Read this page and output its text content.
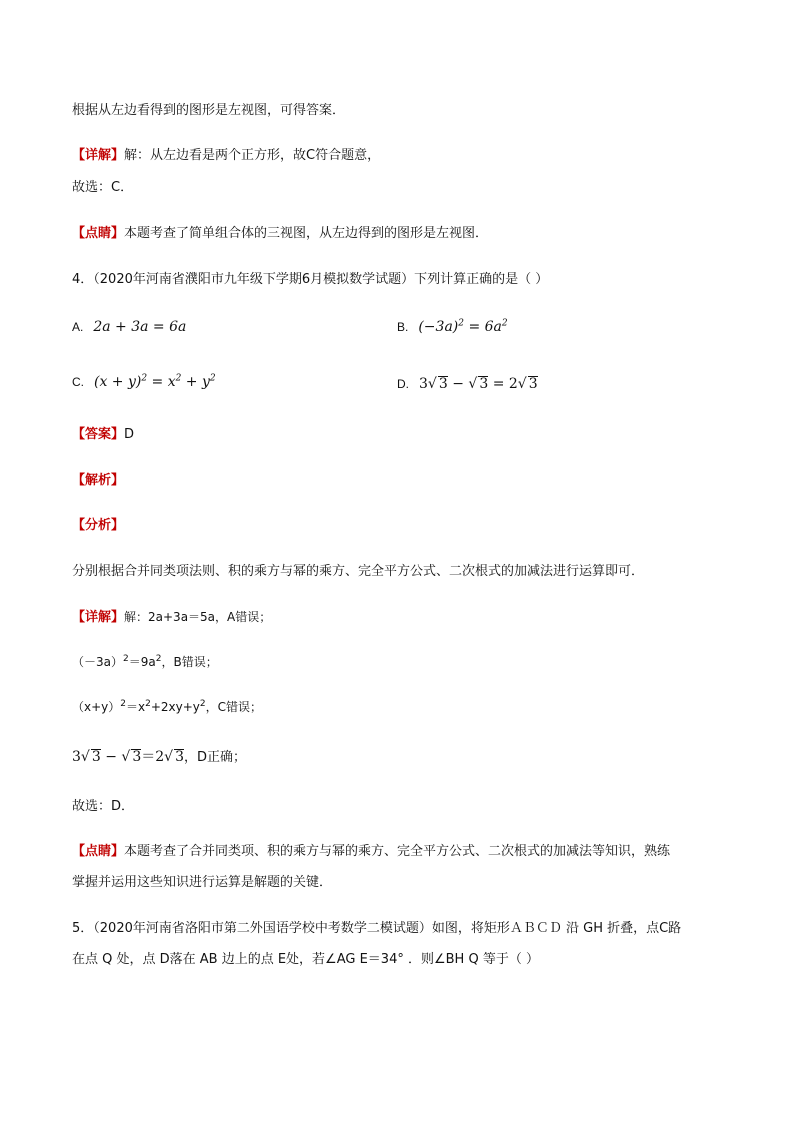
根据从左边看得到的图形是左视图，可得答案．
【详解】解：从左边看是两个正方形，故C符合题意，
故选：C．
【点睛】本题考查了简单组合体的三视图，从左边得到的图形是左视图．
4．（2020年河南省濮阳市九年级下学期6月模拟数学试题）下列计算正确的是（ ）
A. 2a + 3a = 6a	B. $(-3a)^2 = 6a^2$
C. $(x + y)^2 = x^2 + y^2$	D. 3√ 3 − √ 3 = 2√ 3
【答案】D
【解析】
【分析】
分别根据合并同类项法则、积的乘方与幂的乘方、完全平方公式、二次根式的加减法进行运算即可．
【详解】解：2a+3a＝5a，A错误；
$(-3a)^2=9a^2$，B错误；
$(x+y)^2=x^2+2xy+y^2$，C错误；
3√ 3 − √ 3＝2√ 3，D正确；
故选：D．
【点睛】本题考查了合并同类项、积的乘方与幂的乘方、完全平方公式、二次根式的加减法等知识，熟练
掌握并运用这些知识进行运算是解题的关键．
5．（2020年河南省洛阳市第二外国语学校中考数学二模试题）如图，将矩形ＡＢＣＤ 沿 GH 折叠，点C路
在点 Q 处，点 D落在 AB 边上的点 E处，若∠AG E＝34° ．则∠BH Q 等于（ ）
